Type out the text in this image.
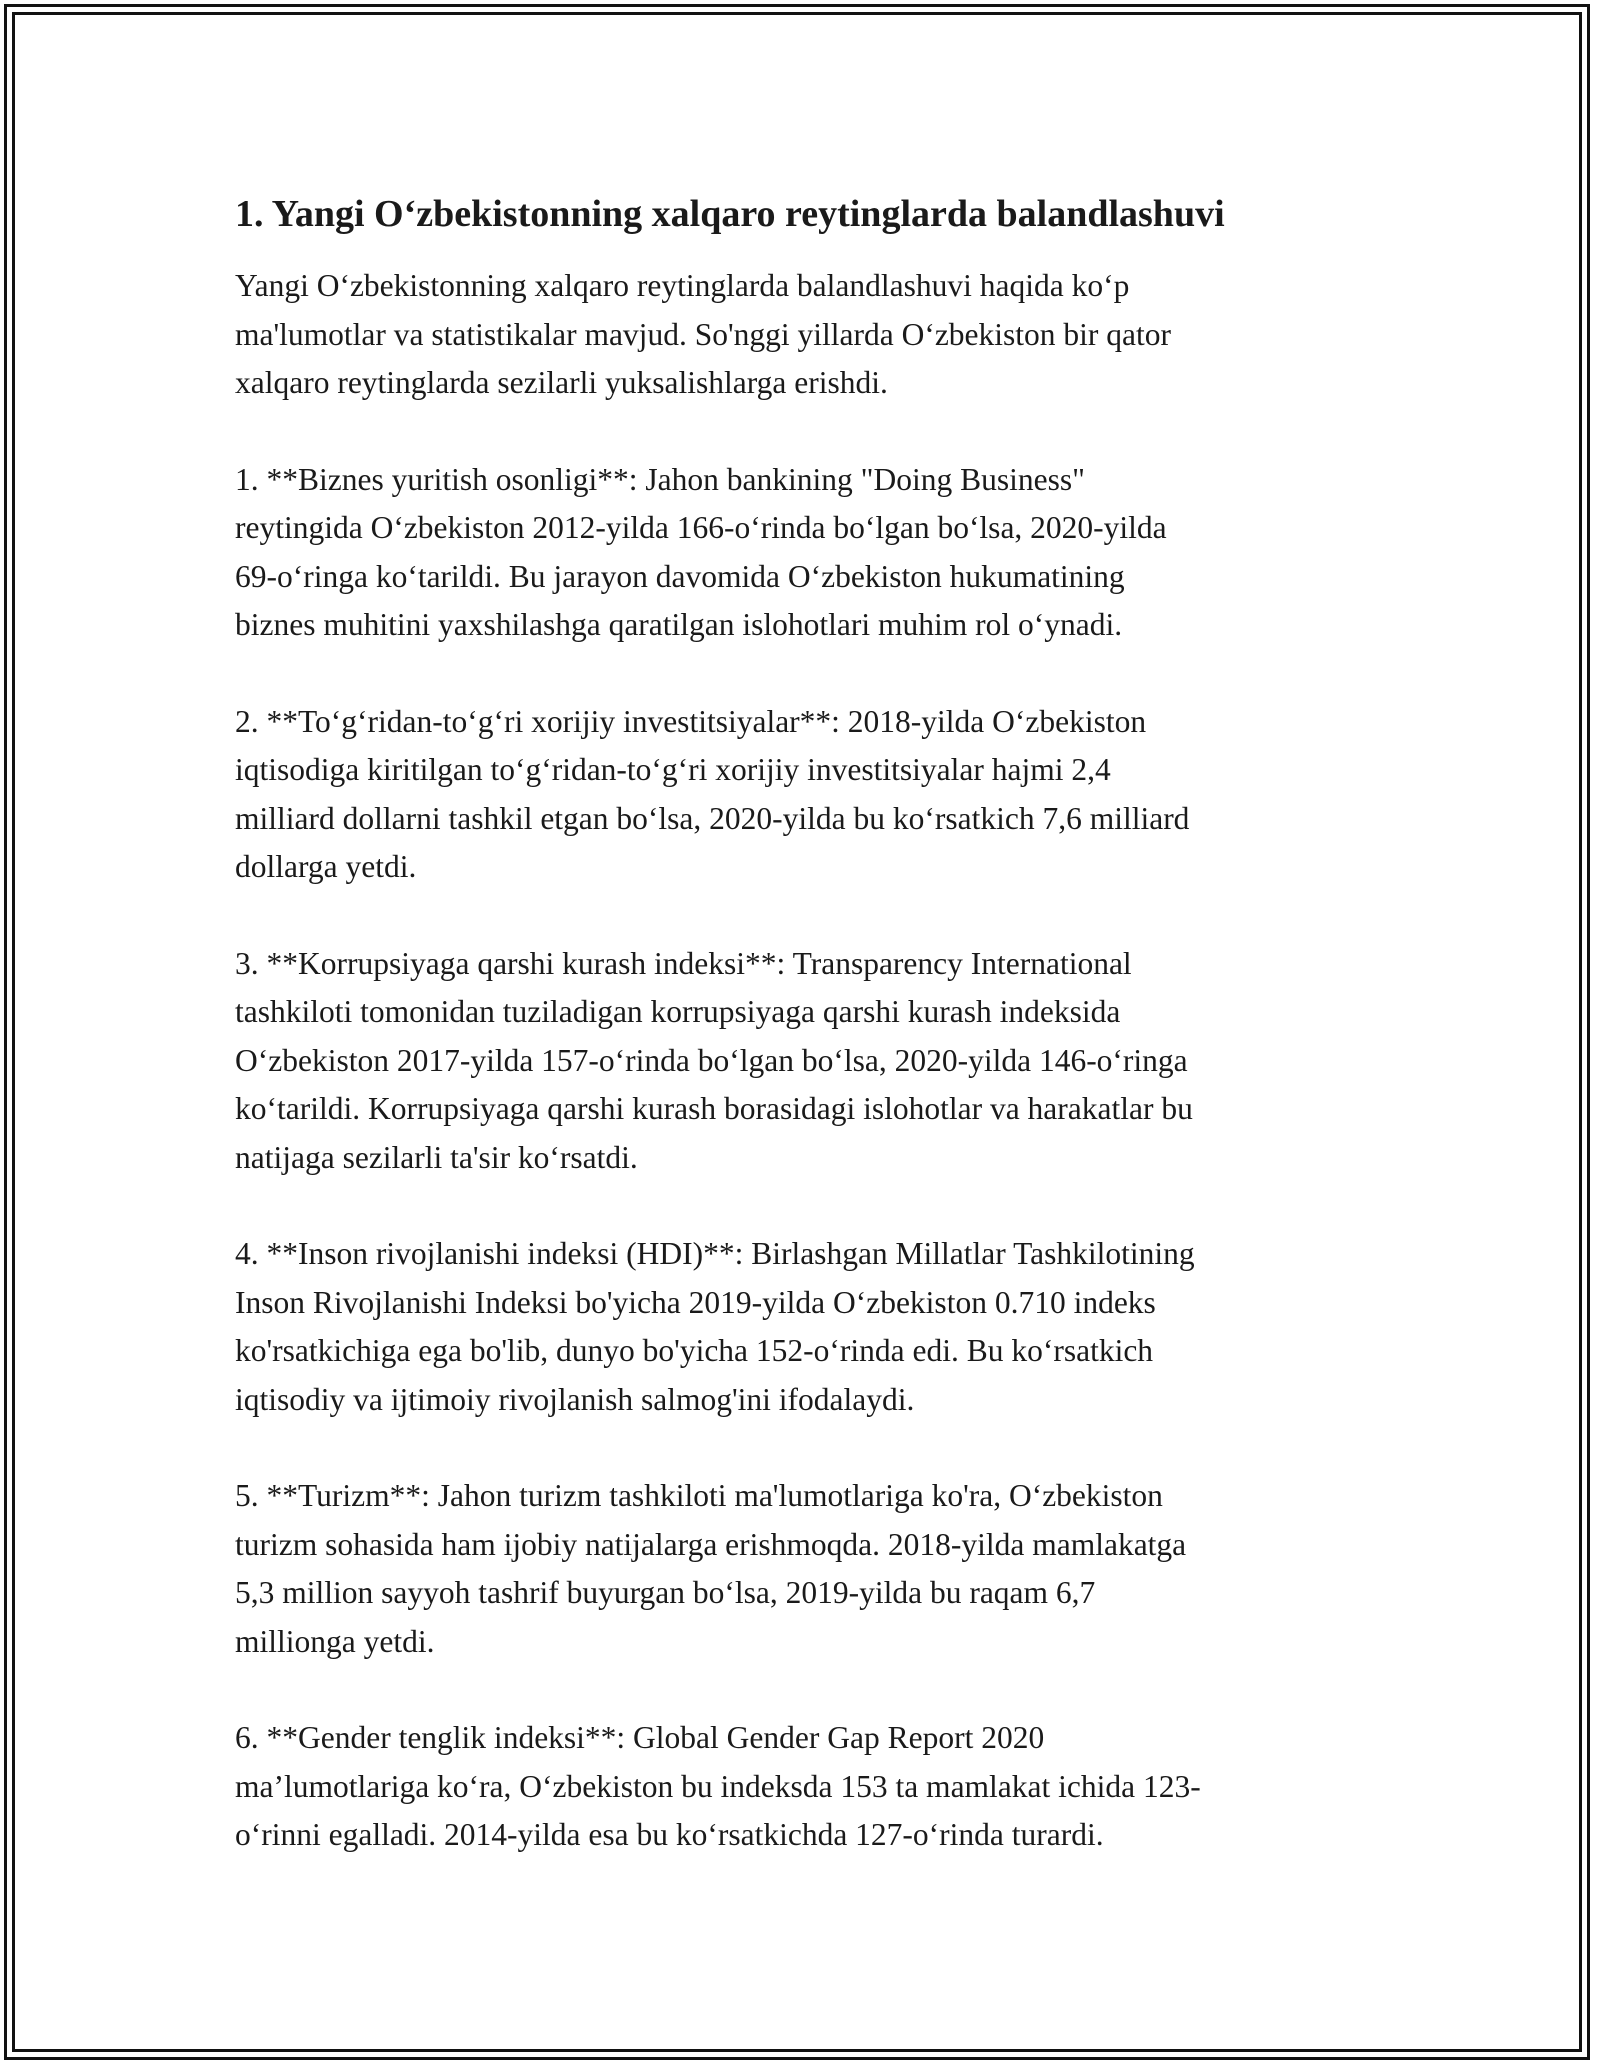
1. Yangi O‘zbekistonning xalqaro reytinglarda balandlashuvi

Yangi O‘zbekistonning xalqaro reytinglarda balandlashuvi haqida ko‘p
ma'lumotlar va statistikalar mavjud. So'nggi yillarda O‘zbekiston bir qator
xalqaro reytinglarda sezilarli yuksalishlarga erishdi.

1. **Biznes yuritish osonligi**: Jahon bankining "Doing Business"
reytingida O‘zbekiston 2012-yilda 166-o‘rinda bo‘lgan bo‘lsa, 2020-yilda
69-o‘ringa ko‘tarildi. Bu jarayon davomida O‘zbekiston hukumatining
biznes muhitini yaxshilashga qaratilgan islohotlari muhim rol o‘ynadi.

2. **To‘g‘ridan-to‘g‘ri xorijiy investitsiyalar**: 2018-yilda O‘zbekiston
iqtisodiga kiritilgan to‘g‘ridan-to‘g‘ri xorijiy investitsiyalar hajmi 2,4
milliard dollarni tashkil etgan bo‘lsa, 2020-yilda bu ko‘rsatkich 7,6 milliard
dollarga yetdi.

3. **Korrupsiyaga qarshi kurash indeksi**: Transparency International
tashkiloti tomonidan tuziladigan korrupsiyaga qarshi kurash indeksida
O‘zbekiston 2017-yilda 157-o‘rinda bo‘lgan bo‘lsa, 2020-yilda 146-o‘ringa
ko‘tarildi. Korrupsiyaga qarshi kurash borasidagi islohotlar va harakatlar bu
natijaga sezilarli ta'sir ko‘rsatdi.

4. **Inson rivojlanishi indeksi (HDI)**: Birlashgan Millatlar Tashkilotining
Inson Rivojlanishi Indeksi bo'yicha 2019-yilda O‘zbekiston 0.710 indeks
ko'rsatkichiga ega bo'lib, dunyo bo'yicha 152-o‘rinda edi. Bu ko‘rsatkich
iqtisodiy va ijtimoiy rivojlanish salmog'ini ifodalaydi.

5. **Turizm**: Jahon turizm tashkiloti ma'lumotlariga ko'ra, O‘zbekiston
turizm sohasida ham ijobiy natijalarga erishmoqda. 2018-yilda mamlakatga
5,3 million sayyoh tashrif buyurgan bo‘lsa, 2019-yilda bu raqam 6,7
millionga yetdi.

6. **Gender tenglik indeksi**: Global Gender Gap Report 2020
ma’lumotlariga ko‘ra, O‘zbekiston bu indeksda 153 ta mamlakat ichida 123-
o‘rinni egalladi. 2014-yilda esa bu ko‘rsatkichda 127-o‘rinda turardi.
